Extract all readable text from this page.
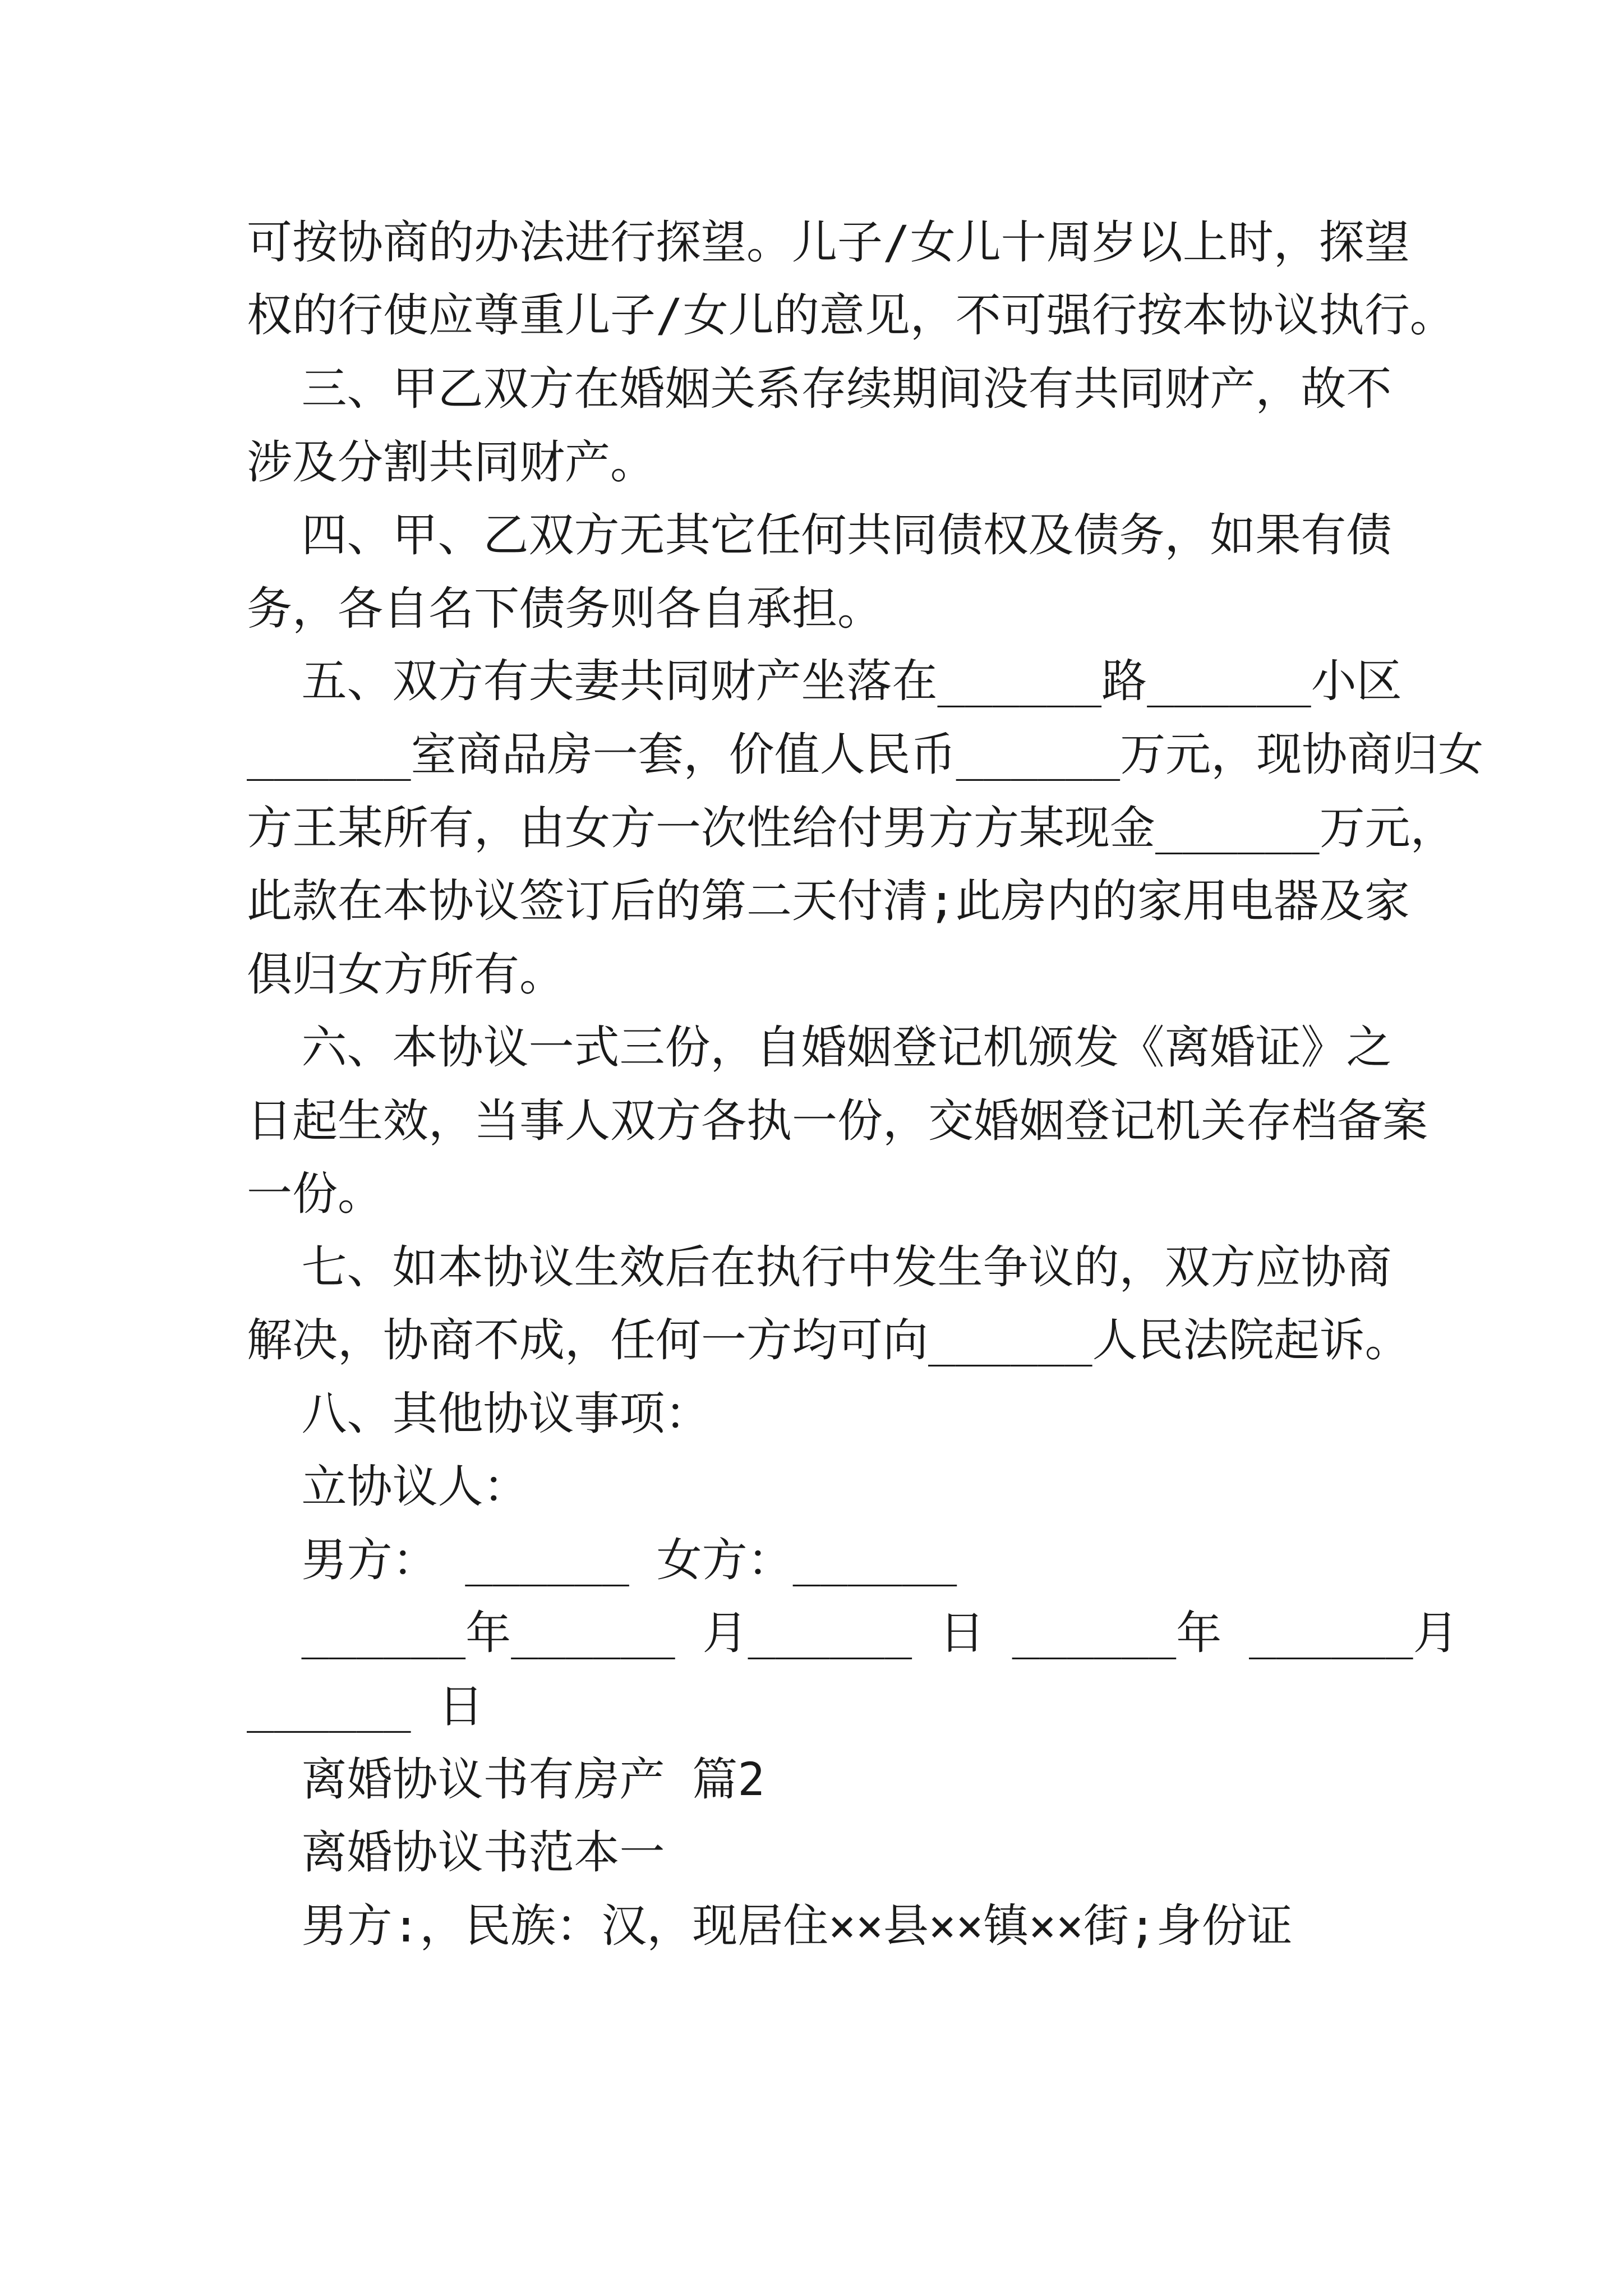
可按协商的办法进行探望。儿子/女儿十周岁以上时，探望
权的行使应尊重儿子/女儿的意见，不可强行按本协议执行。
三、甲乙双方在婚姻关系存续期间没有共同财产，故不
涉及分割共同财产。
四、甲、乙双方无其它任何共同债权及债务，如果有债
务，各自名下债务则各自承担。
五、双方有夫妻共同财产坐落在______路______小区
______室商品房一套，价值人民币______万元，现协商归女
方王某所有，由女方一次性给付男方方某现金______万元，
此款在本协议签订后的第二天付清;此房内的家用电器及家
俱归女方所有。
六、本协议一式三份，自婚姻登记机颁发《离婚证》之
日起生效，当事人双方各执一份，交婚姻登记机关存档备案
一份。
七、如本协议生效后在执行中发生争议的，双方应协商
解决，协商不成，任何一方均可向______人民法院起诉。
八、其他协议事项：
立协议人：
男方： ______ 女方：______
______年______ 月______ 日 ______年 ______月
______ 日
离婚协议书有房产 篇2
离婚协议书范本一
男方:，民族：汉，现居住××县××镇××街;身份证
